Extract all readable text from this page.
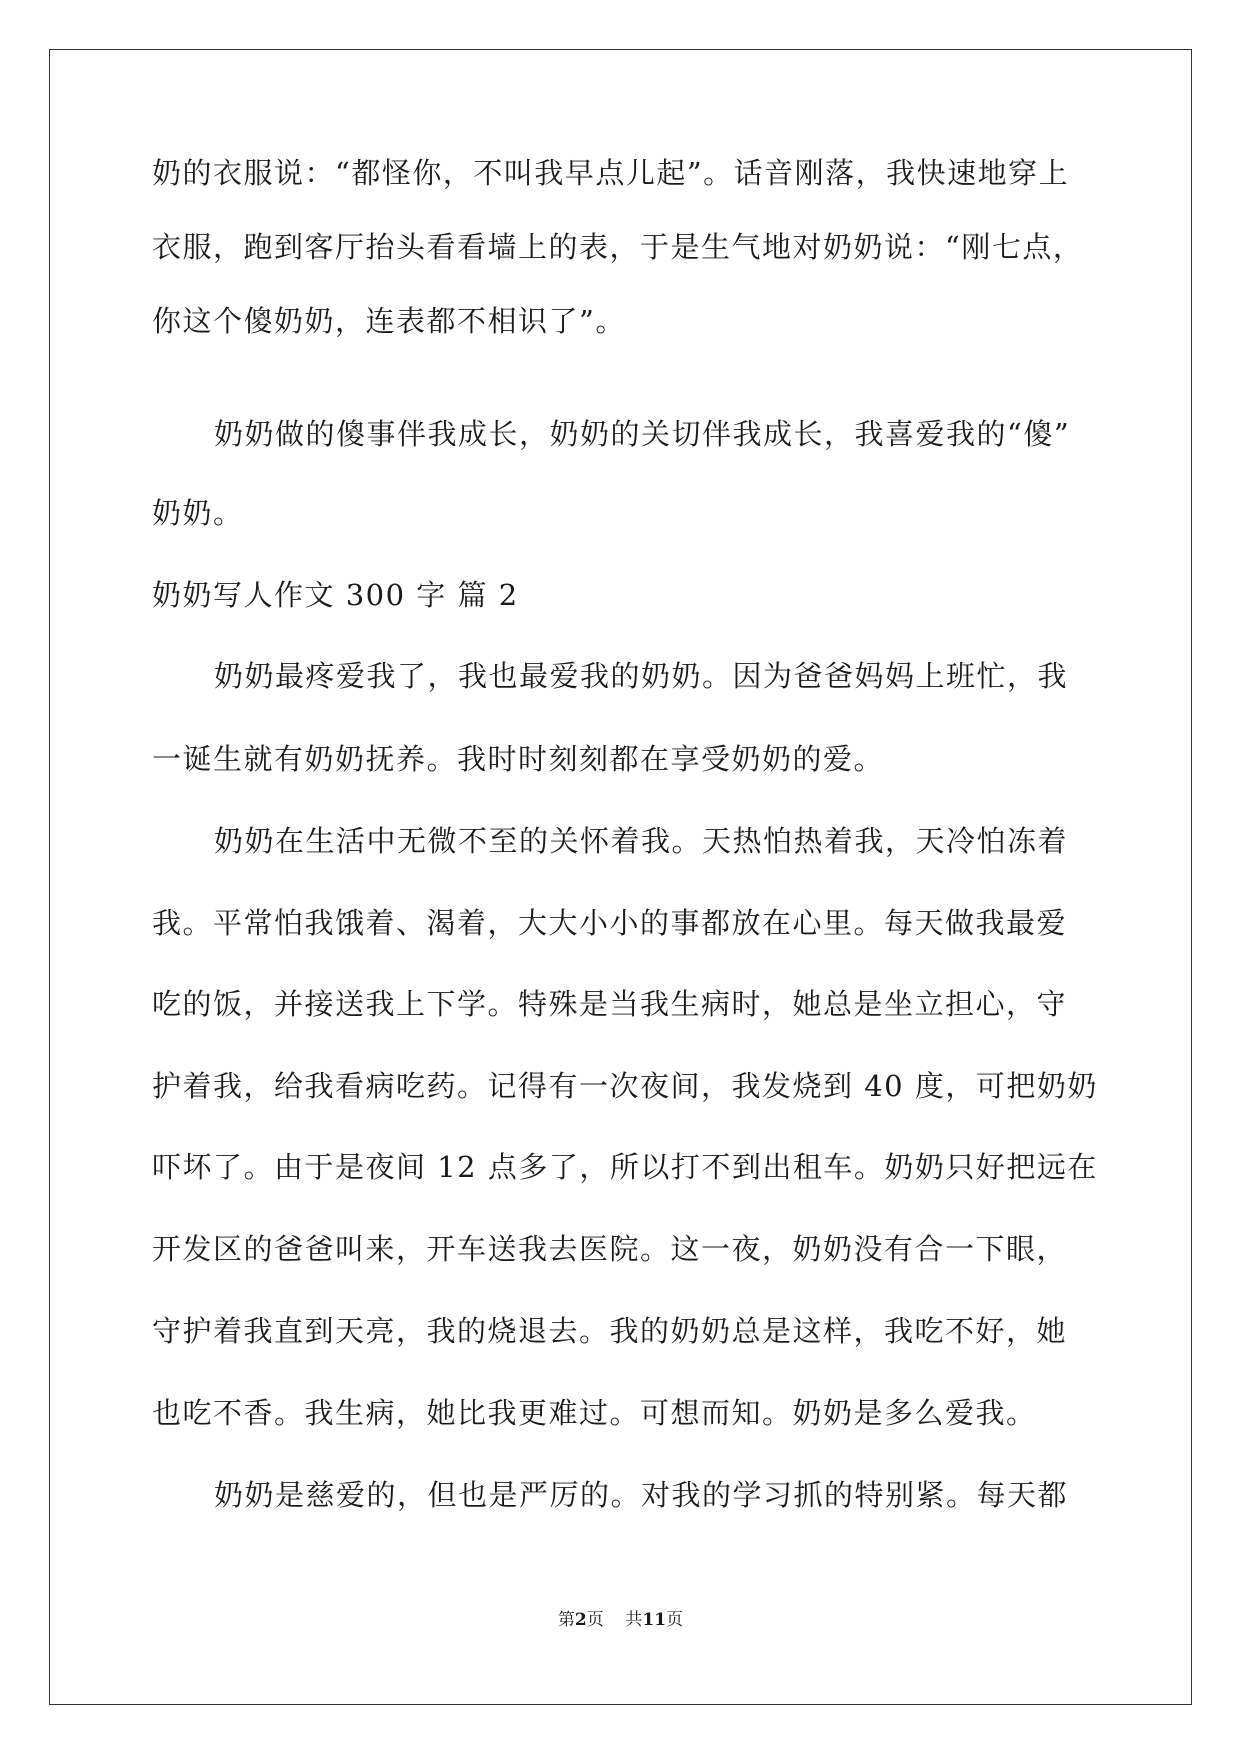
奶的衣服说：“都怪你，不叫我早点儿起”。话音刚落，我快速地穿上
衣服，跑到客厅抬头看看墙上的表，于是生气地对奶奶说：“刚七点，
你这个傻奶奶，连表都不相识了”。
奶奶做的傻事伴我成长，奶奶的关切伴我成长，我喜爱我的“傻”
奶奶。
奶奶写人作文 300 字 篇 2
奶奶最疼爱我了，我也最爱我的奶奶。因为爸爸妈妈上班忙，我
一诞生就有奶奶抚养。我时时刻刻都在享受奶奶的爱。
奶奶在生活中无微不至的关怀着我。天热怕热着我，天冷怕冻着
我。平常怕我饿着、渴着，大大小小的事都放在心里。每天做我最爱
吃的饭，并接送我上下学。特殊是当我生病时，她总是坐立担心，守
护着我，给我看病吃药。记得有一次夜间，我发烧到 40 度，可把奶奶
吓坏了。由于是夜间 12 点多了，所以打不到出租车。奶奶只好把远在
开发区的爸爸叫来，开车送我去医院。这一夜，奶奶没有合一下眼，
守护着我直到天亮，我的烧退去。我的奶奶总是这样，我吃不好，她
也吃不香。我生病，她比我更难过。可想而知。奶奶是多么爱我。
奶奶是慈爱的，但也是严厉的。对我的学习抓的特别紧。每天都
第2页 共11页
